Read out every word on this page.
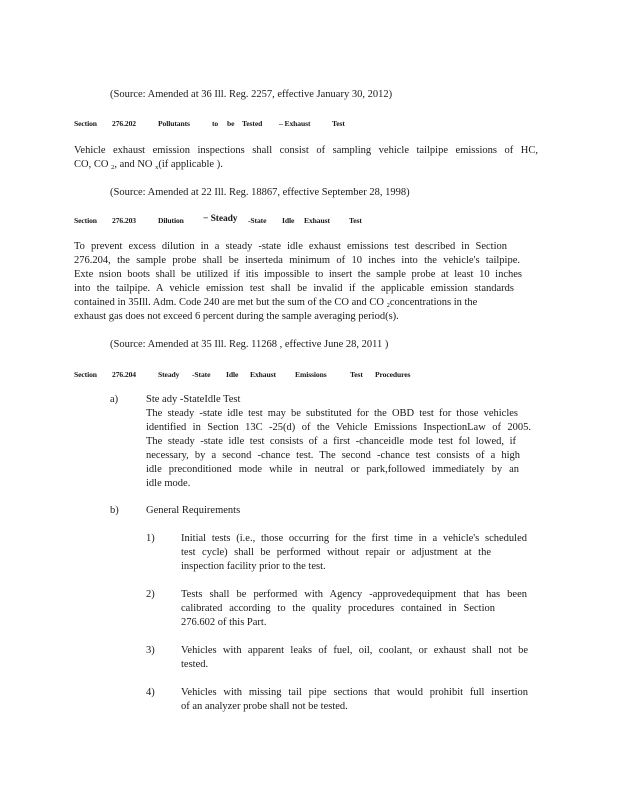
(Source: Amended at 36 Ill. Reg. 2257, effective January 30, 2012)
Section 276.202	Pollutants	to be Tested – Exhaust	Test
Vehicle exhaust emission inspections shall consist of sampling vehicle tailpipe emissions of HC,
CO, CO $_2$, and NO $_x$(if applicable ).
(Source: Amended at 22 Ill. Reg. 18867, effective September 28, 1998)
Section 276.203	Dilution − Steady -State Idle Exhaust	Test
To prevent excess dilution in a steady -state idle exhaust emissions test described in Section
276.204, the sample probe shall be inserteda minimum of 10 inches into the vehicle's tailpipe.
Exte nsion boots shall be utilized if itis impossible to insert the sample probe at least 10 inches
into the tailpipe. A vehicle emission test shall be invalid if the applicable emission standards
contained in 35Ill. Adm. Code 240 are met but the sum of the CO and CO $_2$concentrations in the
exhaust gas does not exceed 6 percent during the sample averaging period(s).
(Source: Amended at 35 Ill. Reg. 11268 , effective June 28, 2011 )
Section 276.204	Steady -State Idle Exhaust	Emissions	Test Procedures
a)	Ste ady -StateIdle Test
The steady -state idle test may be substituted for the OBD test for those vehicles
identified in Section 13C -25(d) of the Vehicle Emissions InspectionLaw of 2005.
The steady -state idle test consists of a first -chanceidle mode test fol lowed, if
necessary, by a second -chance test. The second -chance test consists of a high
idle preconditioned mode while in neutral or park,followed immediately by an
idle mode.
b)	General Requirements
1)	Initial tests (i.e., those occurring for the first time in a vehicle's scheduled
test cycle) shall be performed without repair or adjustment at the
inspection facility prior to the test.
2)	Tests shall be performed with Agency -approvedequipment that has been
calibrated according to the quality procedures contained in Section
276.602 of this Part.
3)	Vehicles with apparent leaks of fuel, oil, coolant, or exhaust shall not be
tested.
4)	Vehicles with missing tail pipe sections that would prohibit full insertion
of an analyzer probe shall not be tested.
